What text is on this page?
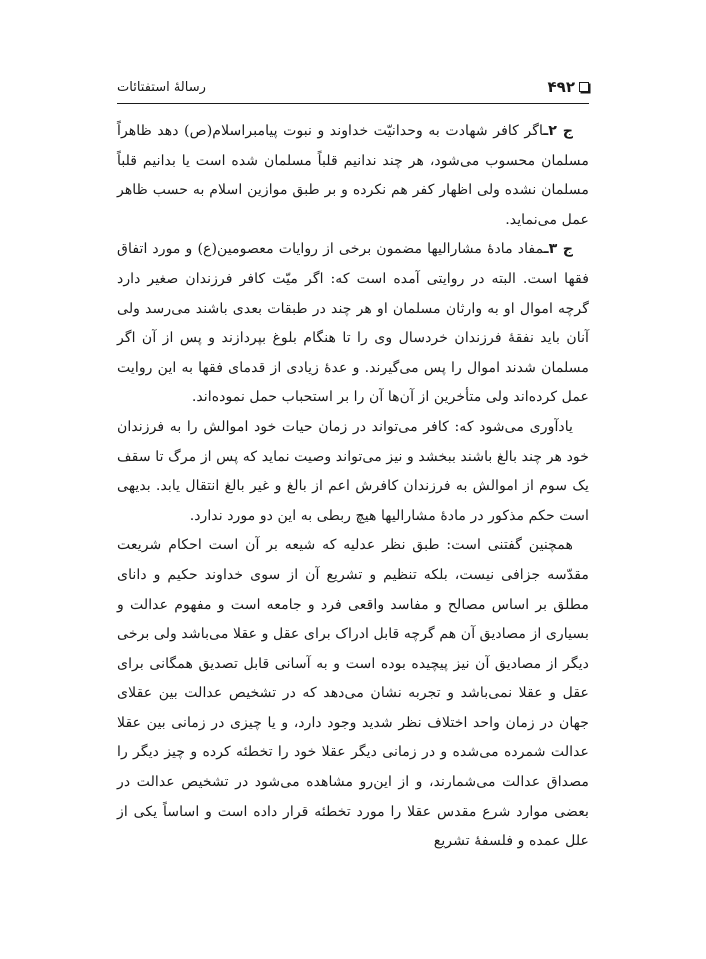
۴۹۲
رسالهٔ استفتائات

ج ۲ـاگر کافر شهادت به وحدانیّت خداوند و نبوت پیامبراسلام(ص) دهد ظاهراً مسلمان محسوب می‌شود، هر چند ندانیم قلباً مسلمان شده است یا بدانیم قلباً مسلمان نشده ولی اظهار کفر هم نکرده و بر طبق موازین اسلام به حسب ظاهر عمل می‌نماید.

ج ۳ـمفاد مادهٔ مشارالیها مضمون برخی از روایات معصومین(ع) و مورد اتفاق فقها است. البته در روایتی آمده است که: اگر میّت کافر فرزندان صغیر دارد گرچه اموال او به وارثان مسلمان او هر چند در طبقات بعدی باشند می‌رسد ولی آنان باید نفقهٔ فرزندان خردسال وی را تا هنگام بلوغ بپردازند و پس از آن اگر مسلمان شدند اموال را پس می‌گیرند. و عدهٔ زیادی از قدمای فقها به این روایت عمل کرده‌اند ولی متأخرین از آن‌ها آن را بر استحباب حمل نموده‌اند.

یادآوری می‌شود که: کافر می‌تواند در زمان حیات خود اموالش را به فرزندان خود هر چند بالغ باشند ببخشد و نیز می‌تواند وصیت نماید که پس از مرگ تا سقف یک سوم از اموالش به فرزندان کافرش اعم از بالغ و غیر بالغ انتقال یابد. بدیهی است حکم مذکور در مادهٔ مشارالیها هیچ ربطی به این دو مورد ندارد.

همچنین گفتنی است: طبق نظر عدلیه که شیعه بر آن است احکام شریعت مقدّسه جزافی نیست، بلکه تنظیم و تشریع آن از سوی خداوند حکیم و دانای مطلق بر اساس مصالح و مفاسد واقعی فرد و جامعه است و مفهوم عدالت و بسیاری از مصادیق آن هم گرچه قابل ادراک برای عقل و عقلا می‌باشد ولی برخی دیگر از مصادیق آن نیز پیچیده بوده است و به آسانی قابل تصدیق همگانی برای عقل و عقلا نمی‌باشد و تجربه نشان می‌دهد که در تشخیص عدالت بین عقلای جهان در زمان واحد اختلاف نظر شدید وجود دارد، و یا چیزی در زمانی بین عقلا عدالت شمرده می‌شده و در زمانی دیگر عقلا خود را تخطئه کرده و چیز دیگر را مصداق عدالت می‌شمارند، و از این‌رو مشاهده می‌شود در تشخیص عدالت در بعضی موارد شرع مقدس عقلا را مورد تخطئه قرار داده است و اساساً یکی از علل عمده و فلسفهٔ تشریع
